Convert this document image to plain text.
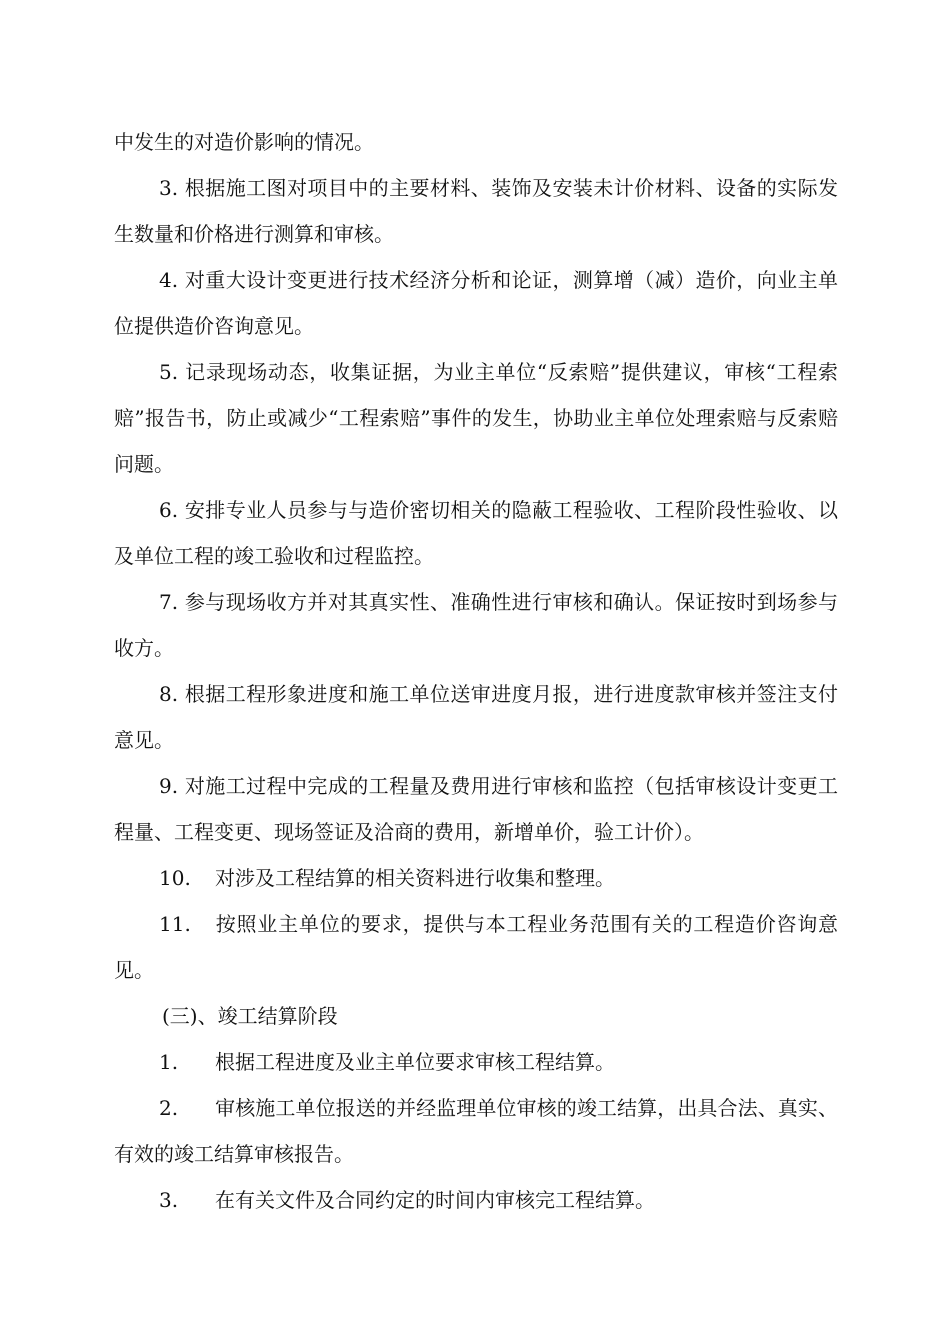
中发生的对造价影响的情况。

3. 根据施工图对项目中的主要材料、装饰及安装未计价材料、设备的实际发生数量和价格进行测算和审核。

4. 对重大设计变更进行技术经济分析和论证，测算增（减）造价，向业主单位提供造价咨询意见。

5. 记录现场动态，收集证据，为业主单位“反索赔”提供建议，审核“工程索赔”报告书，防止或减少“工程索赔”事件的发生，协助业主单位处理索赔与反索赔问题。

6. 安排专业人员参与与造价密切相关的隐蔽工程验收、工程阶段性验收、以及单位工程的竣工验收和过程监控。

7. 参与现场收方并对其真实性、准确性进行审核和确认。保证按时到场参与收方。

8. 根据工程形象进度和施工单位送审进度月报，进行进度款审核并签注支付意见。

9. 对施工过程中完成的工程量及费用进行审核和监控（包括审核设计变更工程量、工程变更、现场签证及洽商的费用，新增单价，验工计价）。

10. 对涉及工程结算的相关资料进行收集和整理。

11. 按照业主单位的要求，提供与本工程业务范围有关的工程造价咨询意见。

(三)、竣工结算阶段

1. 根据工程进度及业主单位要求审核工程结算。

2. 审核施工单位报送的并经监理单位审核的竣工结算，出具合法、真实、有效的竣工结算审核报告。

3. 在有关文件及合同约定的时间内审核完工程结算。
